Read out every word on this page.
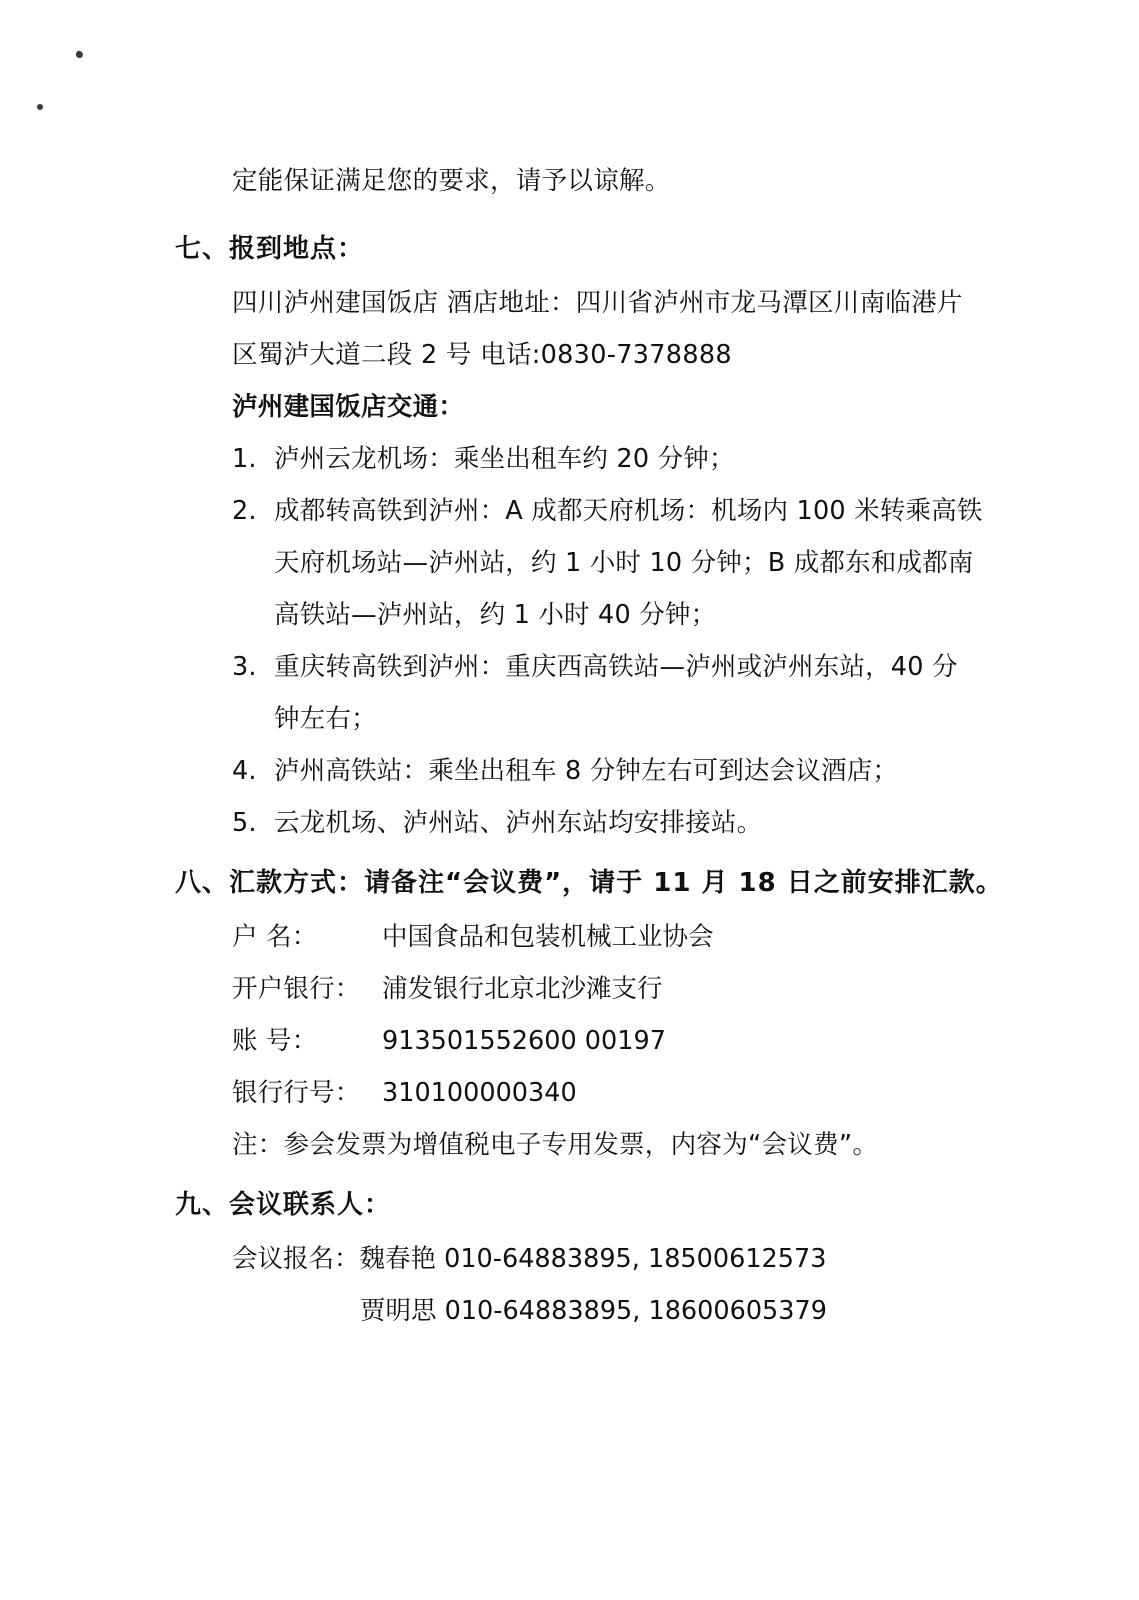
定能保证满足您的要求，请予以谅解。
七、报到地点：
四川泸州建国饭店 酒店地址：四川省泸州市龙马潭区川南临港片
区蜀泸大道二段 2 号 电话:0830-7378888
泸州建国饭店交通：
1. 泸州云龙机场：乘坐出租车约 20 分钟；
2. 成都转高铁到泸州：A 成都天府机场：机场内 100 米转乘高铁
天府机场站—泸州站，约 1 小时 10 分钟；B 成都东和成都南
高铁站—泸州站，约 1 小时 40 分钟；
3. 重庆转高铁到泸州：重庆西高铁站—泸州或泸州东站，40 分
钟左右；
4. 泸州高铁站：乘坐出租车 8 分钟左右可到达会议酒店；
5. 云龙机场、泸州站、泸州东站均安排接站。
八、汇款方式：请备注“会议费”，请于 11 月 18 日之前安排汇款。
户 名：	中国食品和包装机械工业协会
开户银行： 浦发银行北京北沙滩支行
账 号：	913501552600 00197
银行行号： 310100000340
注：参会发票为增值税电子专用发票，内容为“会议费”。
九、会议联系人：
会议报名：魏春艳 010-64883895, 18500612573
贾明思 010-64883895, 18600605379
